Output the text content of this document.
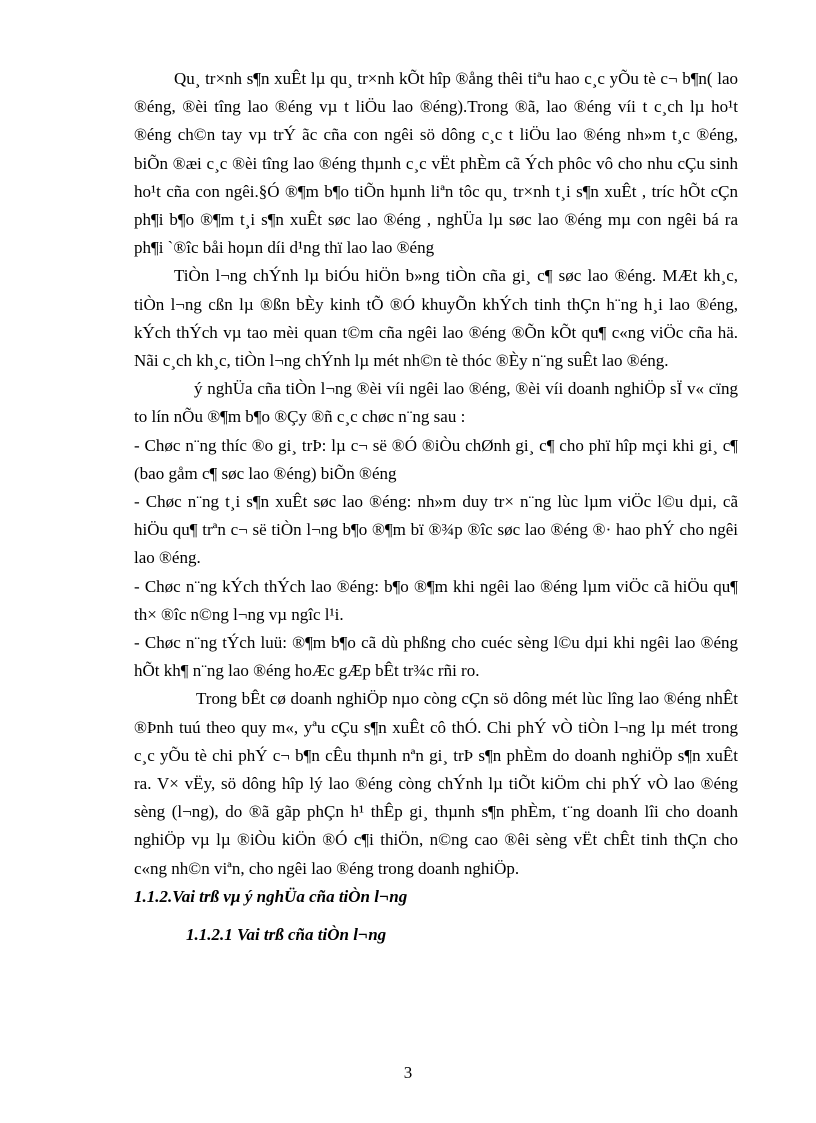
Qu¸ tr×nh s¶n xuÊt lµ qu¸ tr×nh kÕt hîp ®ång thêi tiªu hao c¸c yÕu tè c¬ b¶n( lao ®éng, ®èi tîng lao ®éng vµ t liÖu lao ®éng).Trong ®ã, lao ®éng víi t c¸ch lµ ho¹t ®éng ch©n tay vµ trÝ ãc cña con ngêi sö dông c¸c t liÖu lao ®éng nh»m t¸c ®éng, biÕn ®æi c¸c ®èi tîng lao ®éng thµnh c¸c vËt phÈm cã Ých phôc vô cho nhu cÇu sinh ho¹t cña con ngêi.§Ó ®¶m b¶o tiÕn hµnh liªn tôc qu¸ tr×nh t¸i s¶n xuÊt , tríc hÕt cÇn ph¶i b¶o ®¶m t¸i s¶n xuÊt søc lao ®éng , nghÜa lµ søc lao ®éng mµ con ngêi bá ra ph¶i `®îc båi hoµn díi d¹ng thï lao lao ®éng

TiÒn l¬ng chÝnh lµ biÓu hiÖn b»ng tiÒn cña gi¸ c¶ søc lao ®éng. MÆt kh¸c, tiÒn l¬ng cßn lµ ®ßn bÈy kinh tÕ ®Ó khuyÕn khÝch tinh thÇn h¨ng h¸i lao ®éng, kÝch thÝch vµ tao mèi quan t©m cña ngêi lao ®éng ®Õn kÕt qu¶ c«ng viÖc cña hä. Nãi c¸ch kh¸c, tiÒn l¬ng chÝnh lµ mét nh©n tè thóc ®Èy n¨ng suÊt lao ®éng.

ý nghÜa cña tiÒn l¬ng ®èi víi ngêi lao ®éng, ®èi víi doanh nghiÖp sÏ v« cïng to lín nÕu ®¶m b¶o ®Çy ®ñ c¸c chøc n¨ng sau :

- Chøc n¨ng thíc ®o gi¸ trÞ: lµ c¬ së ®Ó ®iÒu chØnh gi¸ c¶ cho phï hîp mçi khi gi¸ c¶ (bao gåm c¶ søc lao ®éng) biÕn ®éng

- Chøc n¨ng t¸i s¶n xuÊt søc lao ®éng: nh»m duy tr× n¨ng lùc lµm viÖc l©u dµi, cã hiÖu qu¶ trªn c¬ së tiÒn l¬ng b¶o ®¶m bï ®¾p ®îc søc lao ®éng ®· hao phÝ cho ngêi lao ®éng.

- Chøc n¨ng kÝch thÝch lao ®éng: b¶o ®¶m khi ngêi lao ®éng lµm viÖc cã hiÖu qu¶ th× ®îc n©ng l¬ng vµ ngîc l¹i.

- Chøc n¨ng tÝch luü: ®¶m b¶o cã dù phßng cho cuéc sèng l©u dµi khi ngêi lao ®éng hÕt kh¶ n¨ng lao ®éng hoÆc gÆp bÊt tr¾c rñi ro.

Trong bÊt cø doanh nghiÖp nµo còng cÇn sö dông mét lùc lîng lao ®éng nhÊt ®Þnh tuú theo quy m«, yªu cÇu s¶n xuÊt cô thÓ. Chi phÝ vÒ tiÒn l¬ng lµ mét trong c¸c yÕu tè chi phÝ c¬ b¶n cÊu thµnh nªn gi¸ trÞ s¶n phÈm do doanh nghiÖp s¶n xuÊt ra. V× vËy, sö dông hîp lý lao ®éng còng chÝnh lµ tiÕt kiÖm chi phÝ vÒ lao ®éng sèng (l¬ng), do ®ã gãp phÇn h¹ thÊp gi¸ thµnh s¶n phÈm, t¨ng doanh lîi cho doanh nghiÖp vµ lµ ®iÒu kiÖn ®Ó c¶i thiÖn, n©ng cao ®êi sèng vËt chÊt tinh thÇn cho c«ng nh©n viªn, cho ngêi lao ®éng trong doanh nghiÖp.

1.1.2.Vai trß vµ ý nghÜa cña tiÒn l¬ng

1.1.2.1 Vai trß cña tiÒn l¬ng

3
